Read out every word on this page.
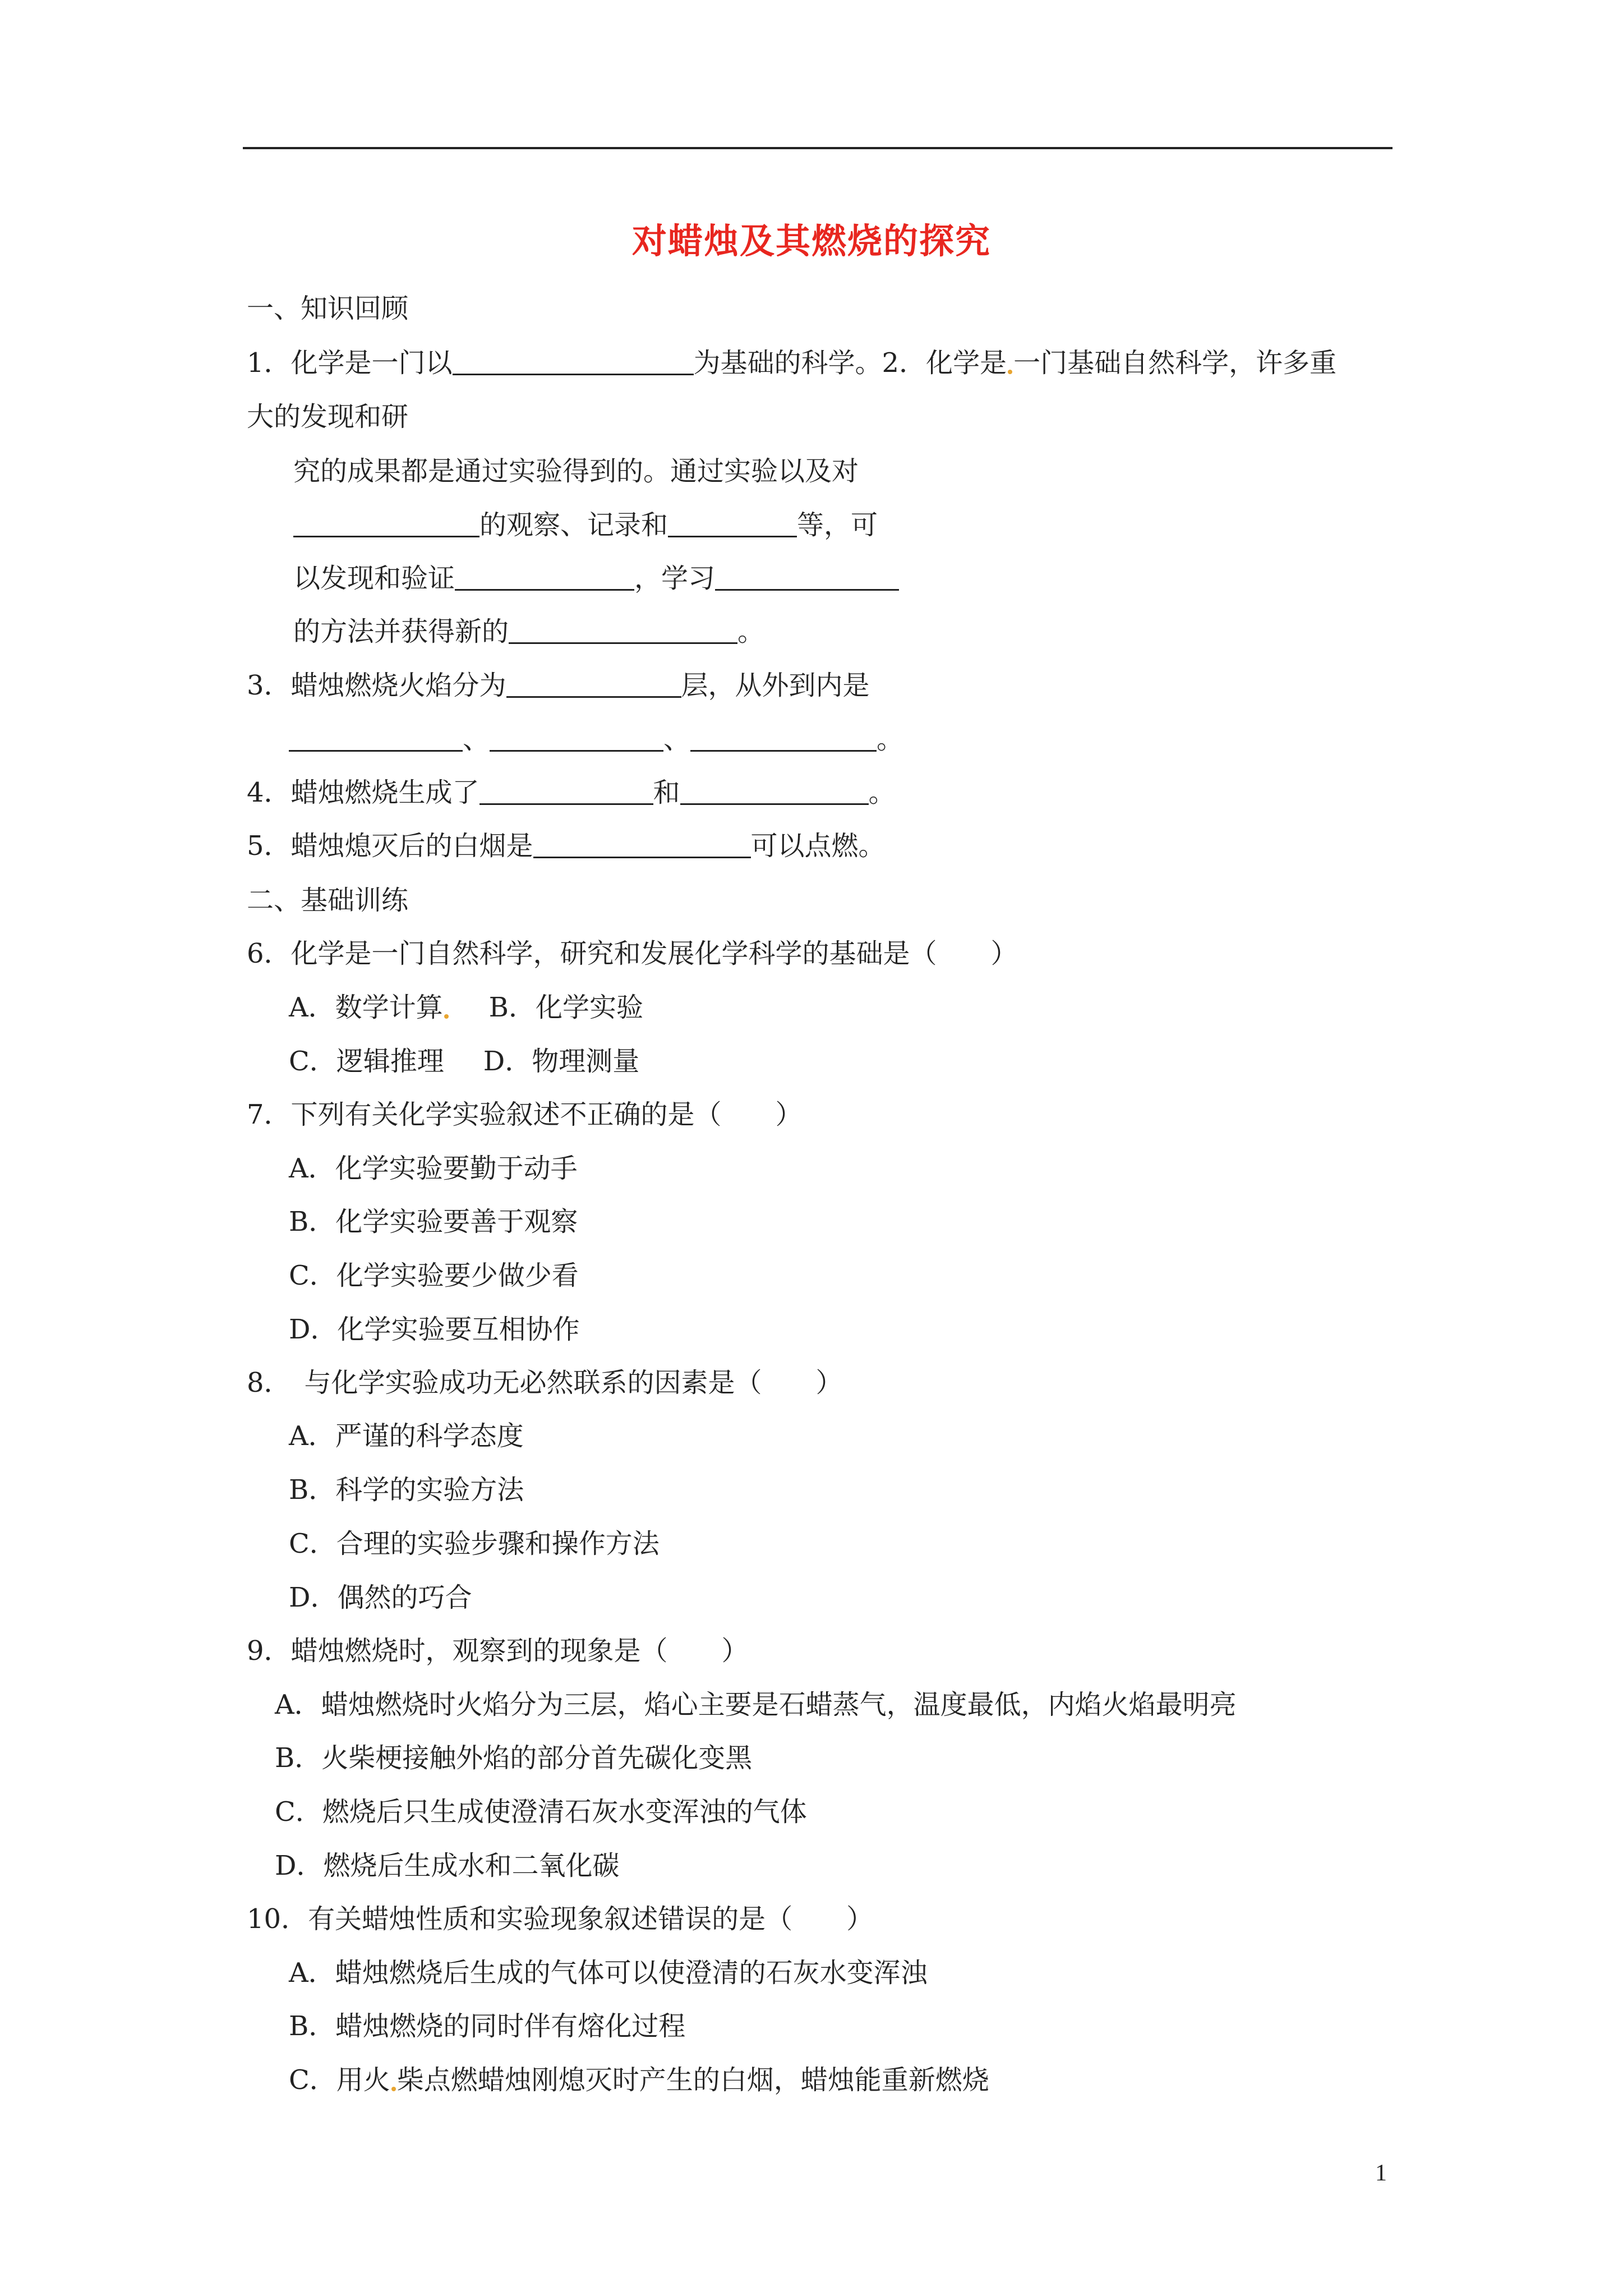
对蜡烛及其燃烧的探究
一、知识回顾
1．化学是一门以	为基础的科学。2．化学是 一门基础自然科学，许多重
大的发现和研
究的成果都是通过实验得到的。通过实验以及对
的观察、记录和	等，可
以发现和验证	，学习
的方法并获得新的	。
3．蜡烛燃烧火焰分为	层，从外到内是
、	、	。
4．蜡烛燃烧生成了	和	。
5．蜡烛熄灭后的白烟是	可以点燃。
二、基础训练
6．化学是一门自然科学，研究和发展化学科学的基础是（　　）
A．数学计算 B．化学实验
C．逻辑推理 D．物理测量
7．下列有关化学实验叙述不正确的是（　　）
A．化学实验要勤于动手
B．化学实验要善于观察
C．化学实验要少做少看
D．化学实验要互相协作
8．　与化学实验成功无必然联系的因素是（　　）
A．严谨的科学态度
B．科学的实验方法
C．合理的实验步骤和操作方法
D．偶然的巧合
9．蜡烛燃烧时，观察到的现象是（　　）
A．蜡烛燃烧时火焰分为三层，焰心主要是石蜡蒸气，温度最低，内焰火焰最明亮
B．火柴梗接触外焰的部分首先碳化变黑
C．燃烧后只生成使澄清石灰水变浑浊的气体
D．燃烧后生成水和二氧化碳
10．有关蜡烛性质和实验现象叙述错误的是（　　）
A．蜡烛燃烧后生成的气体可以使澄清的石灰水变浑浊
B．蜡烛燃烧的同时伴有熔化过程
C．用火 柴点燃蜡烛刚熄灭时产生的白烟，蜡烛能重新燃烧
1
